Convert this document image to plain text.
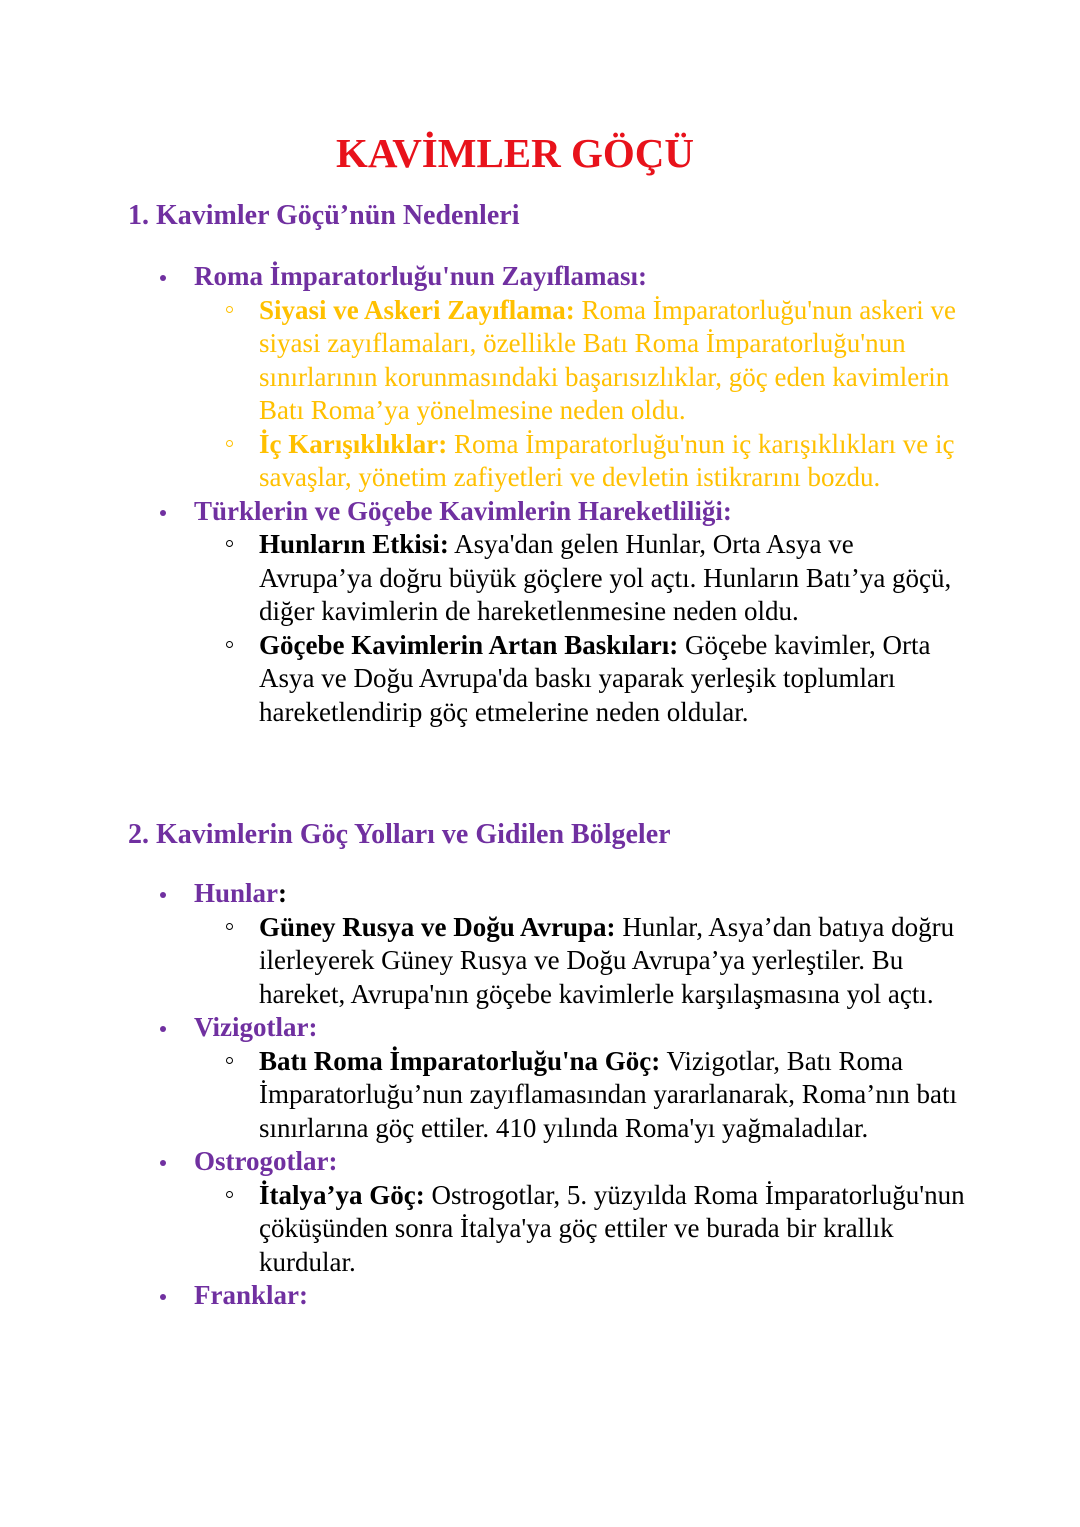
KAVİMLER GÖÇÜ
1. Kavimler Göçü’nün Nedenleri
Roma İmparatorluğu'nun Zayıflaması:
Siyasi ve Askeri Zayıflama: Roma İmparatorluğu'nun askeri ve siyasi zayıflamaları, özellikle Batı Roma İmparatorluğu'nun sınırlarının korunmasındaki başarısızlıklar, göç eden kavimlerin Batı Roma’ya yönelmesine neden oldu.
İç Karışıklıklar: Roma İmparatorluğu'nun iç karışıklıkları ve iç savaşlar, yönetim zafiyetleri ve devletin istikrarını bozdu.
Türklerin ve Göçebe Kavimlerin Hareketliliği:
Hunların Etkisi: Asya'dan gelen Hunlar, Orta Asya ve Avrupa’ya doğru büyük göçlere yol açtı. Hunların Batı’ya göçü, diğer kavimlerin de hareketlenmesine neden oldu.
Göçebe Kavimlerin Artan Baskıları: Göçebe kavimler, Orta Asya ve Doğu Avrupa'da baskı yaparak yerleşik toplumları hareketlendirip göç etmelerine neden oldular.
2. Kavimlerin Göç Yolları ve Gidilen Bölgeler
Hunlar:
Güney Rusya ve Doğu Avrupa: Hunlar, Asya’dan batıya doğru ilerleyerek Güney Rusya ve Doğu Avrupa’ya yerleştiler. Bu hareket, Avrupa'nın göçebe kavimlerle karşılaşmasına yol açtı.
Vizigotlar:
Batı Roma İmparatorluğu'na Göç: Vizigotlar, Batı Roma İmparatorluğu’nun zayıflamasından yararlanarak, Roma’nın batı sınırlarına göç ettiler. 410 yılında Roma'yı yağmaladılar.
Ostrogotlar:
İtalya’ya Göç: Ostrogotlar, 5. yüzyılda Roma İmparatorluğu'nun çöküşünden sonra İtalya'ya göç ettiler ve burada bir krallık kurdular.
Franklar:
